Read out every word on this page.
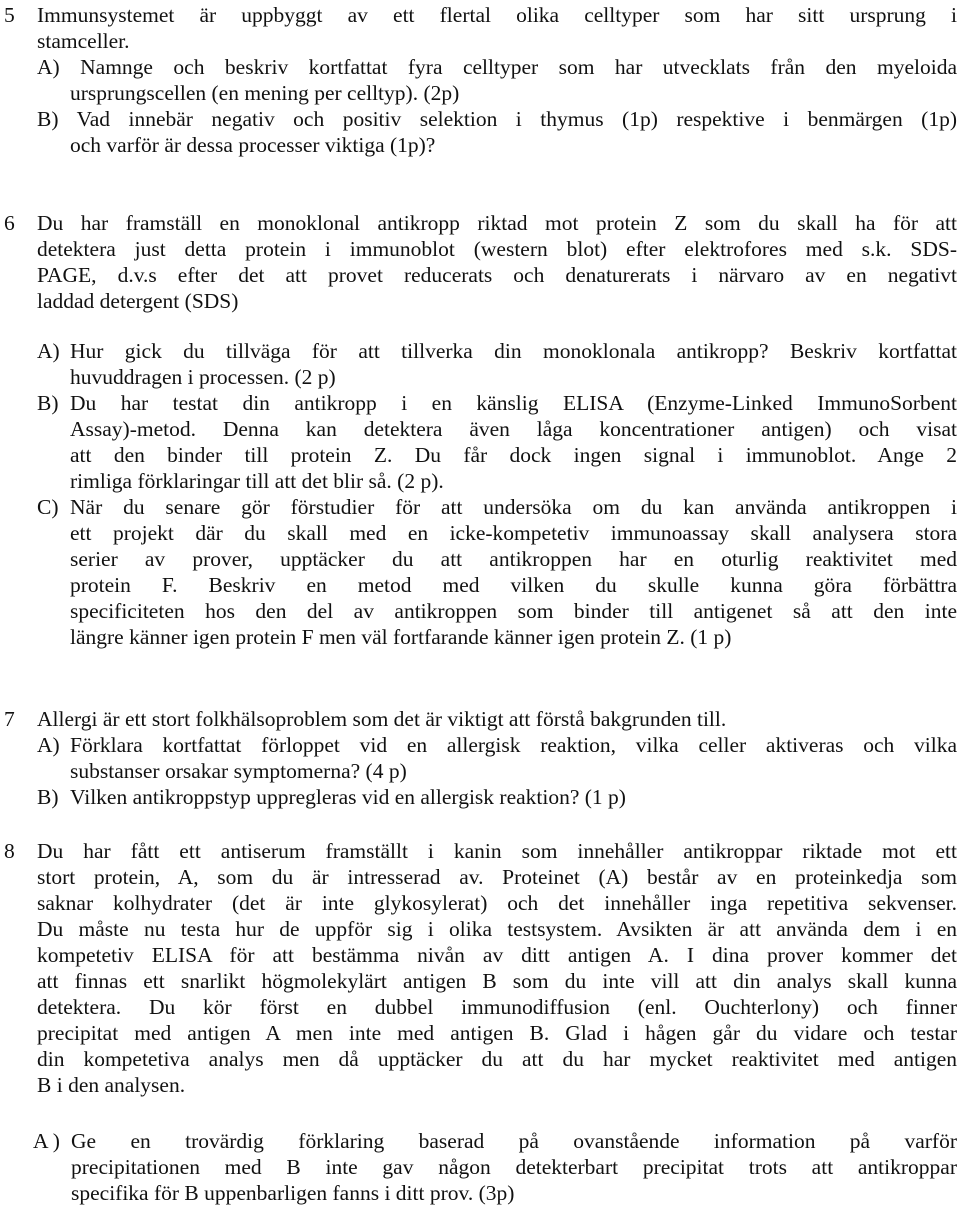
5	Immunsystemet är uppbyggt av ett flertal olika celltyper som har sitt ursprung i
stamceller.
A) Namnge och beskriv kortfattat fyra celltyper som har utvecklats från den myeloida
ursprungscellen (en mening per celltyp). (2p)
B) Vad innebär negativ och positiv selektion i thymus (1p) respektive i benmärgen (1p)
och varför är dessa processer viktiga (1p)?
6	Du har framställ en monoklonal antikropp riktad mot protein Z som du skall ha för att
detektera just detta protein i immunoblot (western blot) efter elektrofores med s.k. SDS-
PAGE, d.v.s efter det att provet reducerats och denaturerats i närvaro av en negativt
laddad detergent (SDS)
A) Hur gick du tillväga för att tillverka din monoklonala antikropp? Beskriv kortfattat
huvuddragen i processen. (2 p)
B) Du har testat din antikropp i en känslig ELISA (Enzyme-Linked ImmunoSorbent
Assay)-metod. Denna kan detektera även låga koncentrationer antigen) och visat
att den binder till protein Z. Du får dock ingen signal i immunoblot. Ange 2
rimliga förklaringar till att det blir så. (2 p).
C) När du senare gör förstudier för att undersöka om du kan använda antikroppen i
ett projekt där du skall med en icke-kompetetiv immunoassay skall analysera stora
serier av prover, upptäcker du att antikroppen har en oturlig reaktivitet med
protein F. Beskriv en metod med vilken du skulle kunna göra förbättra
specificiteten hos den del av antikroppen som binder till antigenet så att den inte
längre känner igen protein F men väl fortfarande känner igen protein Z. (1 p)
7	Allergi är ett stort folkhälsoproblem som det är viktigt att förstå bakgrunden till.
A) Förklara kortfattat förloppet vid en allergisk reaktion, vilka celler aktiveras och vilka
substanser orsakar symptomerna? (4 p)
B) Vilken antikroppstyp uppregleras vid en allergisk reaktion? (1 p)
8	Du har fått ett antiserum framställt i kanin som innehåller antikroppar riktade mot ett
stort protein, A, som du är intresserad av. Proteinet (A) består av en proteinkedja som
saknar kolhydrater (det är inte glykosylerat) och det innehåller inga repetitiva sekvenser.
Du måste nu testa hur de uppför sig i olika testsystem. Avsikten är att använda dem i en
kompetetiv ELISA för att bestämma nivån av ditt antigen A. I dina prover kommer det
att finnas ett snarlikt högmolekylärt antigen B som du inte vill att din analys skall kunna
detektera. Du kör först en dubbel immunodiffusion (enl. Ouchterlony) och finner
precipitat med antigen A men inte med antigen B. Glad i hågen går du vidare och testar
din kompetetiva analys men då upptäcker du att du har mycket reaktivitet med antigen
B i den analysen.
A ) Ge en trovärdig förklaring baserad på ovanstående information på varför
precipitationen med B inte gav någon detekterbart precipitat trots att antikroppar
specifika för B uppenbarligen fanns i ditt prov. (3p)
